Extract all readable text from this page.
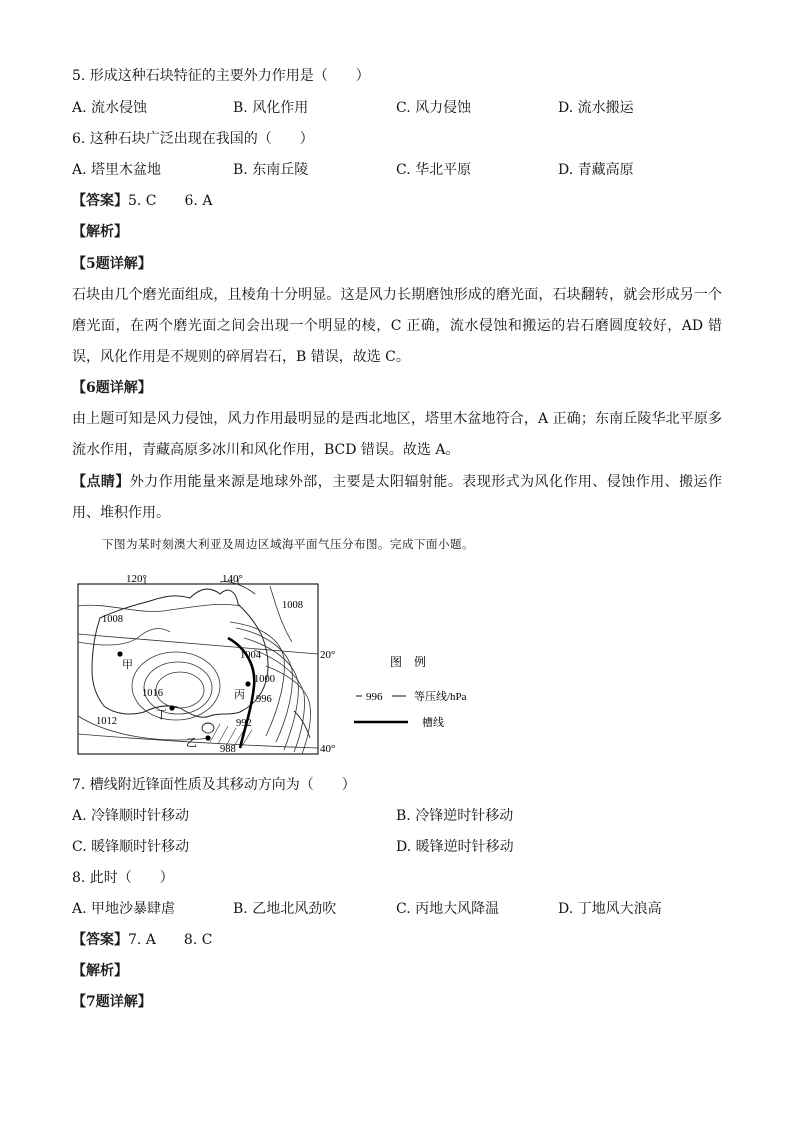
5. 形成这种石块特征的主要外力作用是（　　）
A. 流水侵蚀	B. 风化作用	C. 风力侵蚀	D. 流水搬运
6. 这种石块广泛出现在我国的（　　）
A. 塔里木盆地	B. 东南丘陵	C. 华北平原	D. 青藏高原
【答案】5. C　　6. A
【解析】
【5题详解】
石块由几个磨光面组成，且棱角十分明显。这是风力长期磨蚀形成的磨光面，石块翻转，就会形成另一个磨光面，在两个磨光面之间会出现一个明显的棱，C 正确，流水侵蚀和搬运的岩石磨圆度较好，AD 错误，风化作用是不规则的碎屑岩石，B 错误，故选 C。
【6题详解】
由上题可知是风力侵蚀，风力作用最明显的是西北地区，塔里木盆地符合，A 正确；东南丘陵华北平原多流水作用，青藏高原多冰川和风化作用，BCD 错误。故选 A。
【点睛】外力作用能量来源是地球外部，主要是太阳辐射能。表现形式为风化作用、侵蚀作用、搬运作用、堆积作用。
下图为某时刻澳大利亚及周边区域海平面气压分布图。完成下面小题。
120°	140°
20°
40°
1008
1008
1004
1000
996
992
988
1016
1012
甲
乙
丙
丁
图　例
996	等压线/hPa
槽线
7. 槽线附近锋面性质及其移动方向为（　　）
A. 冷锋顺时针移动	B. 冷锋逆时针移动
C. 暖锋顺时针移动	D. 暖锋逆时针移动
8. 此时（　　）
A. 甲地沙暴肆虐	B. 乙地北风劲吹	C. 丙地大风降温	D. 丁地风大浪高
【答案】7. A　　8. C
【解析】
【7题详解】
